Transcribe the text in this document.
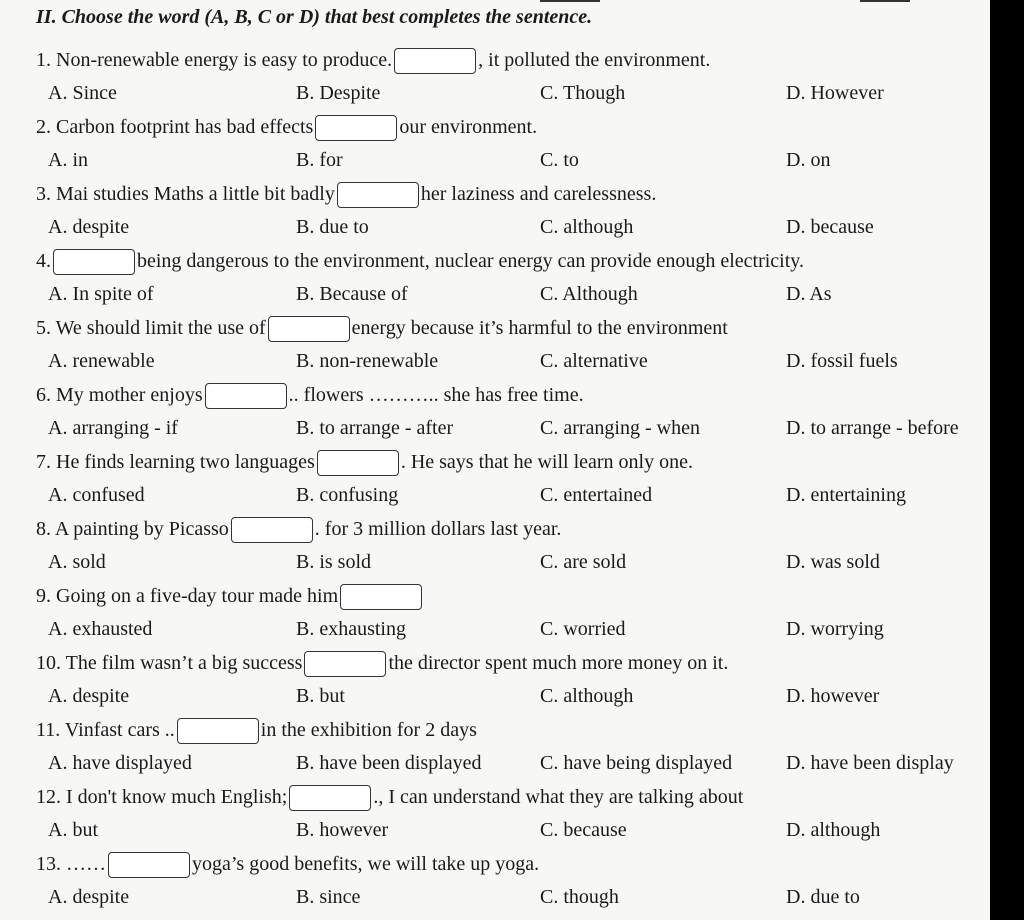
II. Choose the word (A, B, C or D) that best completes the sentence.
1. Non-renewable energy is easy to produce.	, it polluted the environment.
A. Since	B. Despite	C. Though	D. However
2. Carbon footprint has bad effects	our environment.
A. in	B. for	C. to	D. on
3. Mai studies Maths a little bit badly	her laziness and carelessness.
A. despite	B. due to	C. although	D. because
4.	being dangerous to the environment, nuclear energy can provide enough electricity.
A. In spite of	B. Because of	C. Although	D. As
5. We should limit the use of	energy because it’s harmful to the environment
A. renewable	B. non-renewable	C. alternative	D. fossil fuels
6. My mother enjoys	.. flowers ……….. she has free time.
A. arranging - if	B. to arrange - after	C. arranging - when	D. to arrange - before
7. He finds learning two languages	. He says that he will learn only one.
A. confused	B. confusing	C. entertained	D. entertaining
8. A painting by Picasso	. for 3 million dollars last year.
A. sold	B. is sold	C. are sold	D. was sold
9. Going on a five-day tour made him
A. exhausted	B. exhausting	C. worried	D. worrying
10. The film wasn’t a big success	the director spent much more money on it.
A. despite	B. but	C. although	D. however
11. Vinfast cars ..	in the exhibition for 2 days
A. have displayed	B. have been displayed	C. have being displayed	D. have been display
12. I don't know much English;	., I can understand what they are talking about
A. but	B. however	C. because	D. although
13. ……	yoga’s good benefits, we will take up yoga.
A. despite	B. since	C. though	D. due to
